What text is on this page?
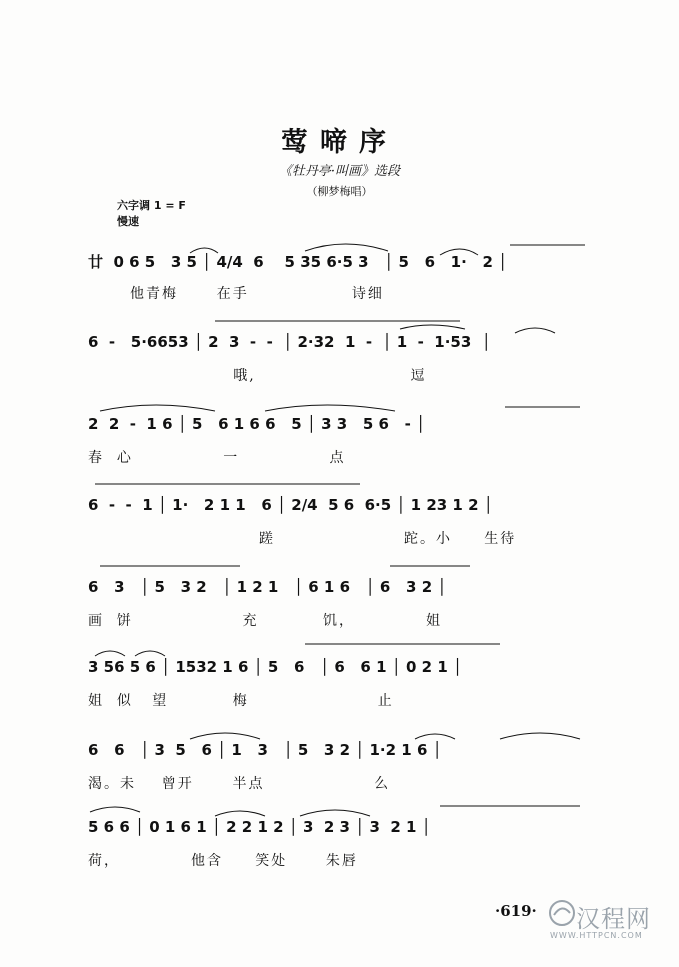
莺啼序
《牡丹亭·叫画》选段
（柳梦梅唱）
六字调 1 = F
慢速
廿  0 6 5   3 5 │ 4/4  6    5 35 6·5 3   │ 5   6   1·   2 │
他青梅      在手                诗细
6  -   5·6653 │ 2  3  -  -  │ 2·32  1  -  │ 1  -  1·53  │
哦,                        逗
2  2  -  1 6 │ 5   6 1 6 6   5 │ 3 3   5 6   - │
春  心              一              点
6  -  -  1 │ 1·   2 1 1   6 │ 2/4  5 6  6·5 │ 1 23 1 2 │
蹉                    跎。小     生待
6   3   │ 5   3 2   │ 1 2 1   │ 6 1 6   │ 6   3 2 │
画  饼                 充          饥，           姐
3 56 5 6 │ 1532 1 6 │ 5   6   │ 6   6 1 │ 0 2 1 │
姐  似   望          梅                    止
6   6   │ 3  5   6 │ 1   3   │ 5   3 2 │ 1·2 1 6 │
渴。未    曾开      半点                 么
5 6 6 │ 0 1 6 1 │ 2 2 1 2 │ 3  2 3 │ 3  2 1 │
荷，           他含     笑处      朱唇
·619· 汉程网
WWW.HTTPCN.COM
